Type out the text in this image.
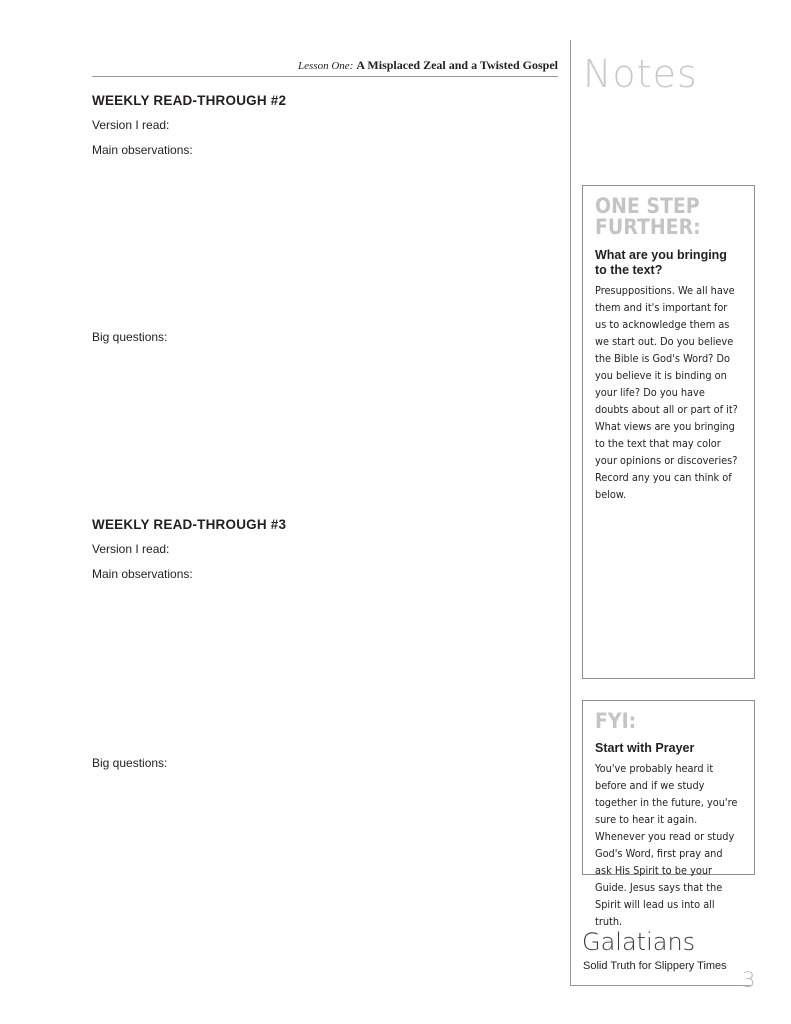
Lesson One: A Misplaced Zeal and a Twisted Gospel Notes
WEEKLY READ-THROUGH #2
Version I read:
Main observations:
Big questions:
WEEKLY READ-THROUGH #3
Version I read:
Main observations:
Big questions:
ONE STEP FURTHER:
What are you bringing to the text?
Presuppositions. We all have them and it's important for us to acknowledge them as we start out. Do you believe the Bible is God's Word? Do you believe it is binding on your life? Do you have doubts about all or part of it? What views are you bringing to the text that may color your opinions or discoveries? Record any you can think of below.
FYI:
Start with Prayer
You've probably heard it before and if we study together in the future, you're sure to hear it again. Whenever you read or study God's Word, first pray and ask His Spirit to be your Guide. Jesus says that the Spirit will lead us into all truth.
Galatians
Solid Truth for Slippery Times
3
